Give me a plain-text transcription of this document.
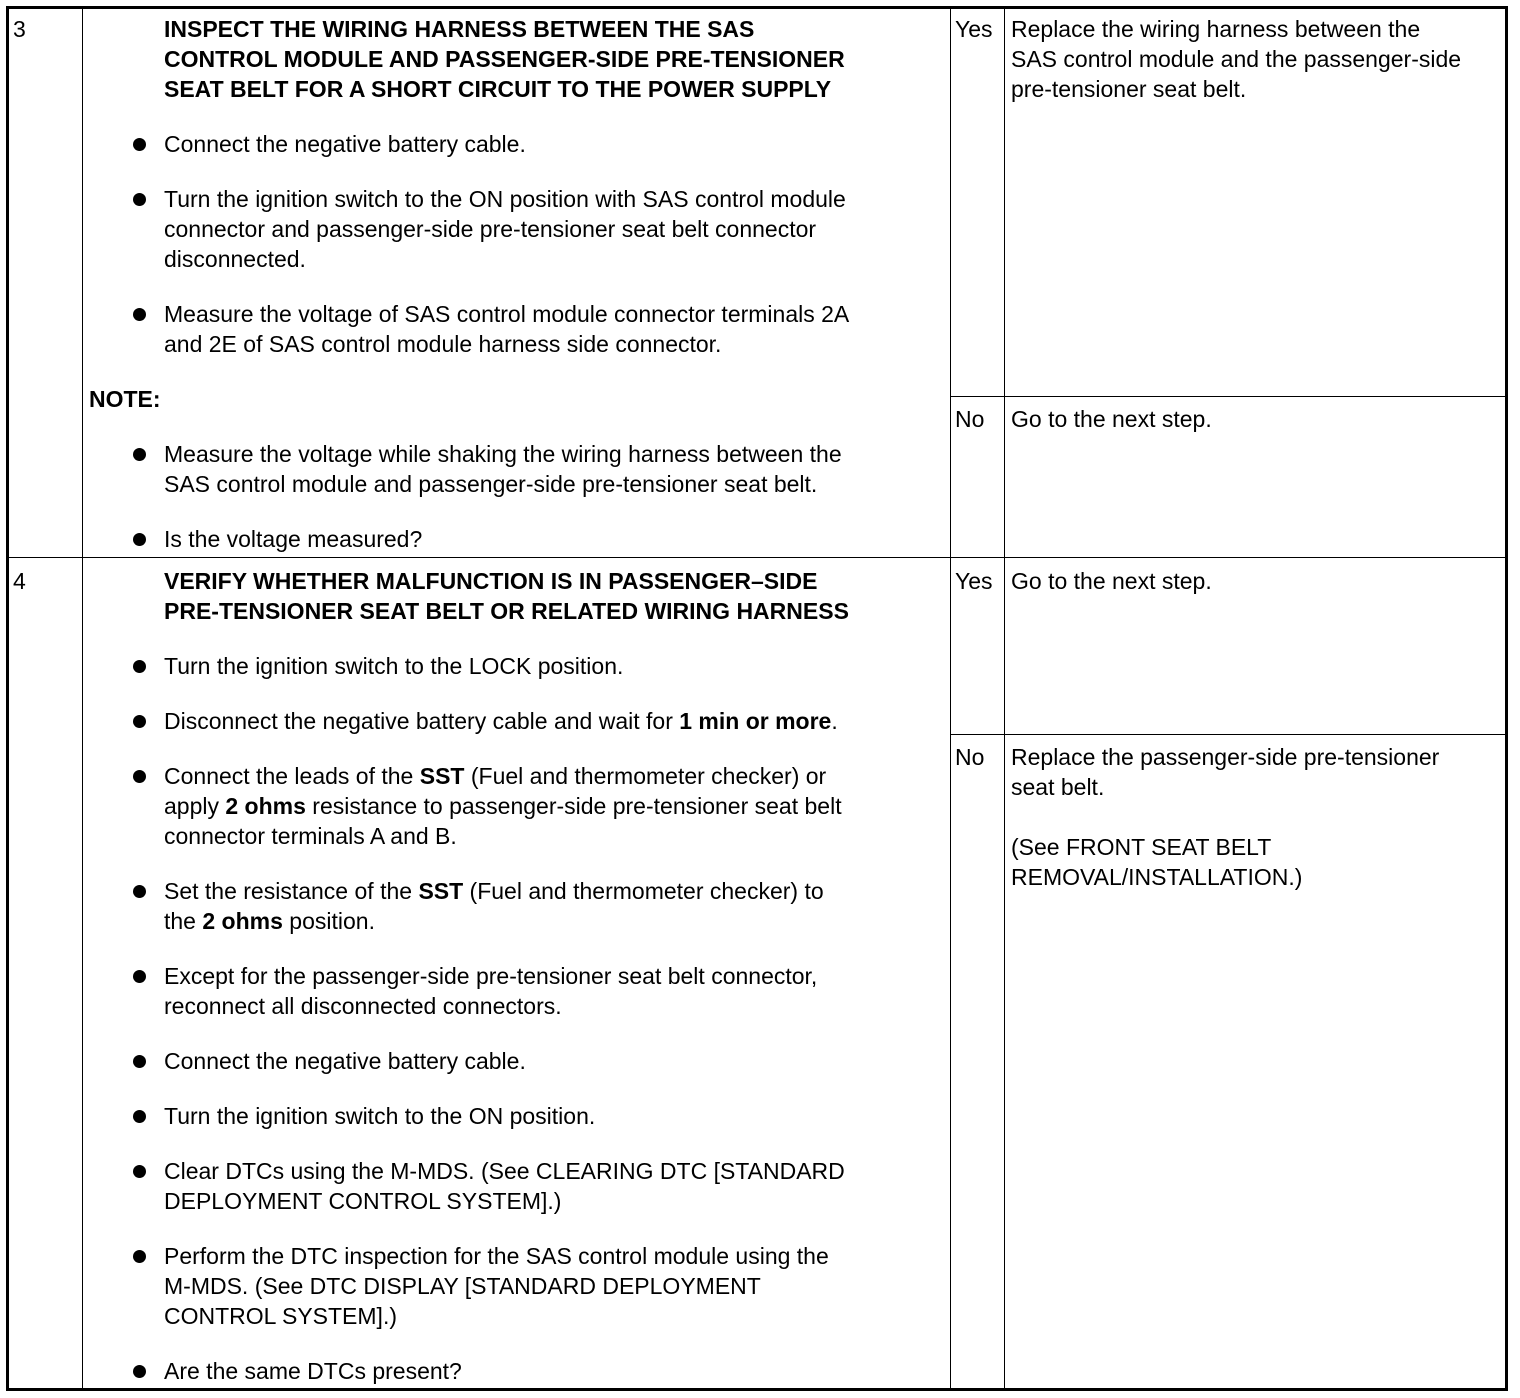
3	INSPECT THE WIRING HARNESS BETWEEN THE SAS
CONTROL MODULE AND PASSENGER-SIDE PRE-TENSIONER
SEAT BELT FOR A SHORT CIRCUIT TO THE POWER SUPPLY
Connect the negative battery cable.
Turn the ignition switch to the ON position with SAS control module
connector and passenger-side pre-tensioner seat belt connector
disconnected.
Measure the voltage of SAS control module connector terminals 2A
and 2E of SAS control module harness side connector.
NOTE:
Measure the voltage while shaking the wiring harness between the
SAS control module and passenger-side pre-tensioner seat belt.
Is the voltage measured?
Yes Replace the wiring harness between the
SAS control module and the passenger-side
pre-tensioner seat belt.
No Go to the next step.
4	VERIFY WHETHER MALFUNCTION IS IN PASSENGER–SIDE
PRE-TENSIONER SEAT BELT OR RELATED WIRING HARNESS
Turn the ignition switch to the LOCK position.
Disconnect the negative battery cable and wait for 1 min or more.
Connect the leads of the SST (Fuel and thermometer checker) or
apply 2 ohms resistance to passenger-side pre-tensioner seat belt
connector terminals A and B.
Set the resistance of the SST (Fuel and thermometer checker) to
the 2 ohms position.
Except for the passenger-side pre-tensioner seat belt connector,
reconnect all disconnected connectors.
Connect the negative battery cable.
Turn the ignition switch to the ON position.
Clear DTCs using the M-MDS. (See CLEARING DTC [STANDARD
DEPLOYMENT CONTROL SYSTEM].)
Perform the DTC inspection for the SAS control module using the
M-MDS. (See DTC DISPLAY [STANDARD DEPLOYMENT
CONTROL SYSTEM].)
Are the same DTCs present?
Yes Go to the next step.
No Replace the passenger-side pre-tensioner
seat belt.
(See FRONT SEAT BELT
REMOVAL/INSTALLATION.)
